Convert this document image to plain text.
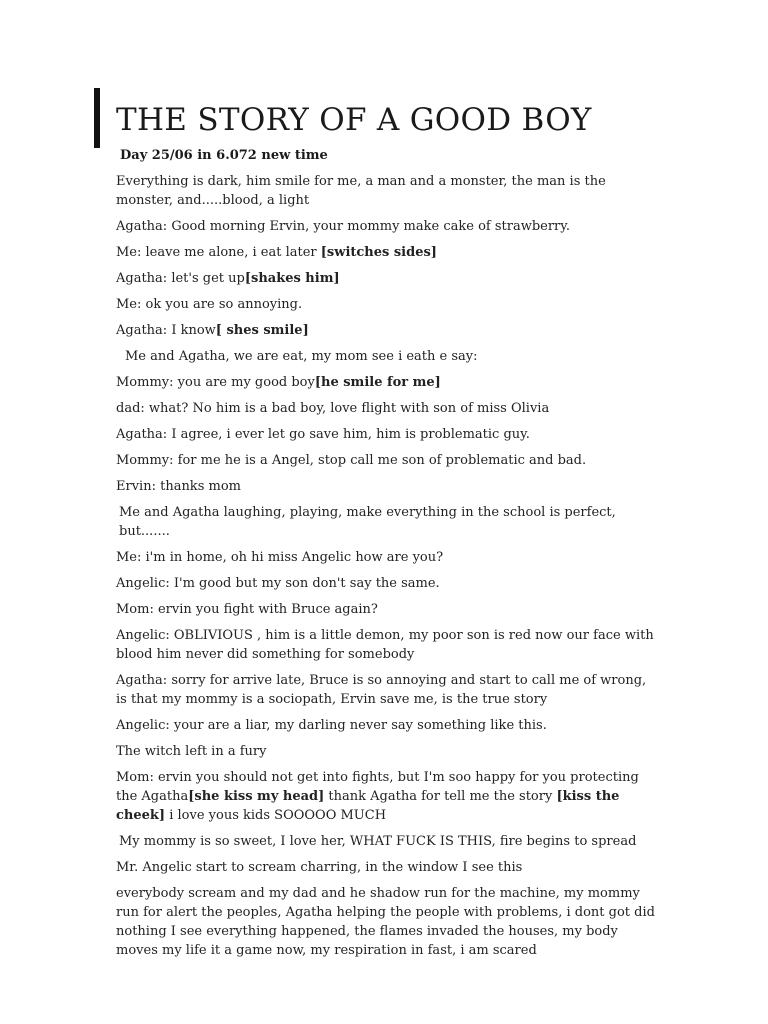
THE STORY OF A GOOD BOY
Day 25/06 in 6.072 new time

Everything is dark, him smile for me, a man and a monster, the man is the monster, and.....blood, a light

Agatha: Good morning Ervin, your mommy make cake of strawberry.

Me: leave me alone, i eat later [switches sides]

Agatha: let's get up[shakes him]

Me: ok you are so annoying.

Agatha: I know[ shes smile]

Me and Agatha, we are eat, my mom see i eath e say:

Mommy: you are my good boy[he smile for me]

dad: what? No him is a bad boy, love flight with son of miss Olivia

Agatha: I agree, i ever let go save him, him is problematic guy.

Mommy: for me he is a Angel, stop call me son of problematic and bad.

Ervin: thanks mom

Me and Agatha laughing, playing, make everything in the school is perfect, but.......

Me: i'm in home, oh hi miss Angelic how are you?

Angelic: I'm good but my son don't say the same.

Mom: ervin you fight with Bruce again?

Angelic: OBLIVIOUS , him is a little demon, my poor son is red now our face with blood him never did something for somebody

Agatha: sorry for arrive late, Bruce is so annoying and start to call me of wrong, is that my mommy is a sociopath, Ervin save me, is the true story

Angelic: your are a liar, my darling never say something like this.

The witch left in a fury

Mom: ervin you should not get into fights, but I'm soo happy for you protecting the Agatha[she kiss my head] thank Agatha for tell me the story [kiss the cheek] i love yous kids SOOOOO MUCH

My mommy is so sweet, I love her, WHAT FUCK IS THIS, fire begins to spread

Mr. Angelic start to scream charring, in the window I see this

everybody scream and my dad and he shadow run for the machine, my mommy run for alert the peoples, Agatha helping the people with problems, i dont got did nothing I see everything happened, the flames invaded the houses, my body moves my life it a game now, my respiration in fast, i am scared
